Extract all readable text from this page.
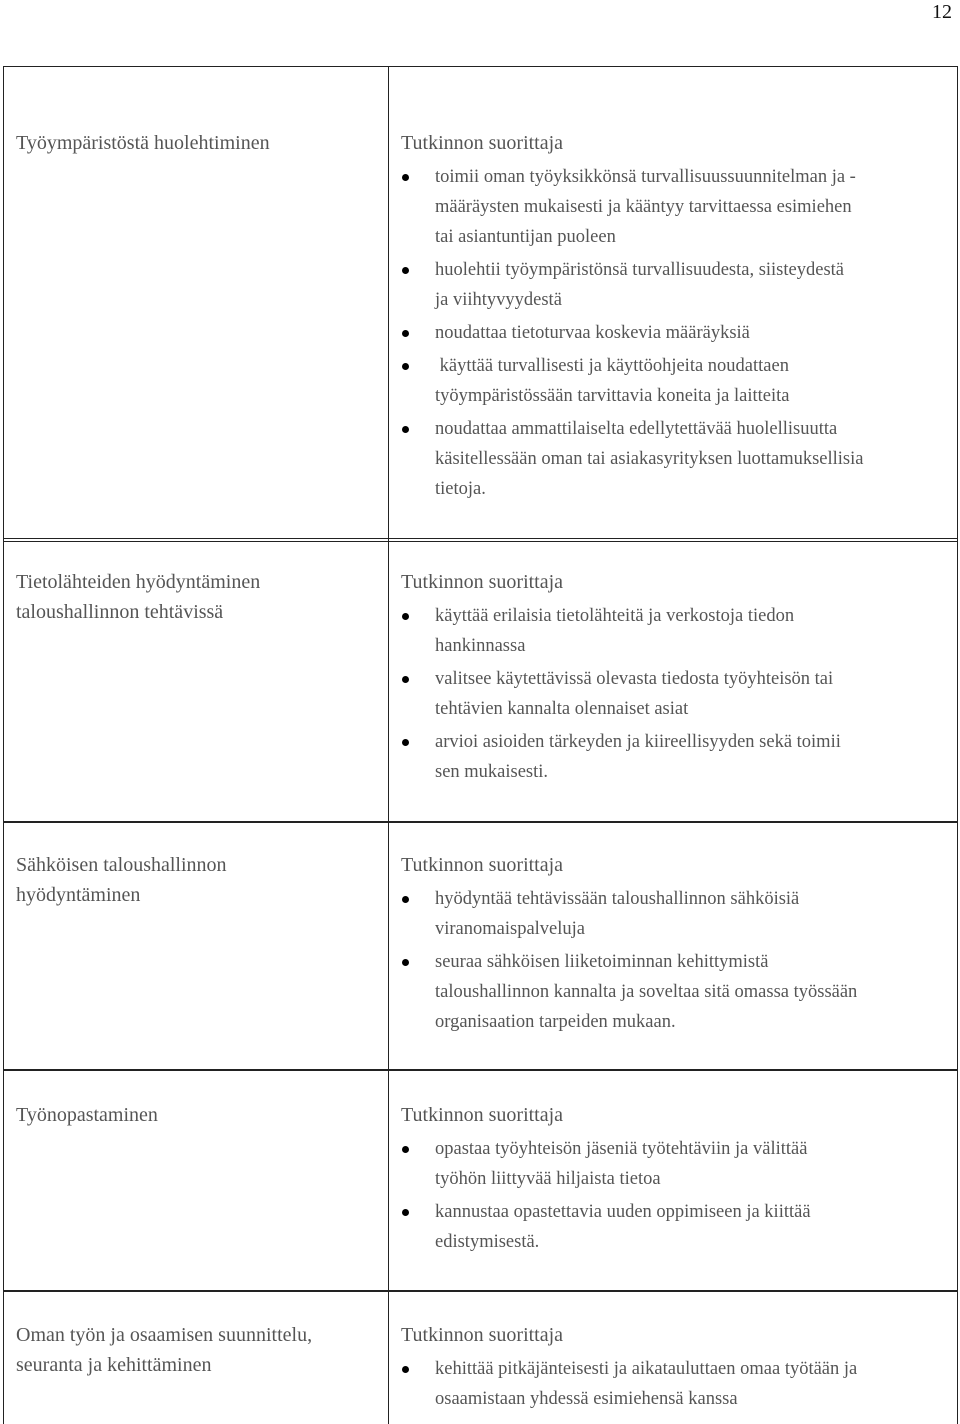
12
Työympäristöstä huolehtiminen	Tutkinnon suorittaja
toimii oman työyksikkönsä turvallisuussuunnitelman ja -
määräysten mukaisesti ja kääntyy tarvittaessa esimiehen
tai asiantuntijan puoleen
huolehtii työympäristönsä turvallisuudesta, siisteydestä
ja viihtyvyydestä
noudattaa tietoturvaa koskevia määräyksiä
käyttää turvallisesti ja käyttöohjeita noudattaen
työympäristössään tarvittavia koneita ja laitteita
noudattaa ammattilaiselta edellytettävää huolellisuutta
käsitellessään oman tai asiakasyrityksen luottamuksellisia
tietoja.
Tietolähteiden hyödyntäminen
taloushallinnon tehtävissä
Tutkinnon suorittaja
käyttää erilaisia tietolähteitä ja verkostoja tiedon
hankinnassa
valitsee käytettävissä olevasta tiedosta työyhteisön tai
tehtävien kannalta olennaiset asiat
arvioi asioiden tärkeyden ja kiireellisyyden sekä toimii
sen mukaisesti.
Sähköisen taloushallinnon
hyödyntäminen
Tutkinnon suorittaja
hyödyntää tehtävissään taloushallinnon sähköisiä
viranomaispalveluja
seuraa sähköisen liiketoiminnan kehittymistä
taloushallinnon kannalta ja soveltaa sitä omassa työssään
organisaation tarpeiden mukaan.
Työnopastaminen	Tutkinnon suorittaja
opastaa työyhteisön jäseniä työtehtäviin ja välittää
työhön liittyvää hiljaista tietoa
kannustaa opastettavia uuden oppimiseen ja kiittää
edistymisestä.
Oman työn ja osaamisen suunnittelu,
seuranta ja kehittäminen
Tutkinnon suorittaja
kehittää pitkäjänteisesti ja aikatauluttaen omaa työtään ja
osaamistaan yhdessä esimiehensä kanssa
